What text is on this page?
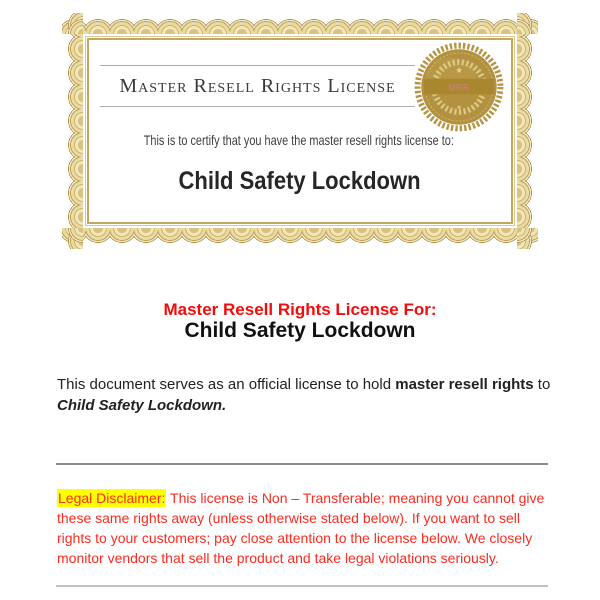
Master Resell Rights License
This is to certify that you have the master resell rights license to:
Child Safety Lockdown
★
MRR
Master Resell Rights License For:
Child Safety Lockdown
This document serves as an official license to hold master resell rights to
Child Safety Lockdown.
Legal Disclaimer: This license is Non – Transferable; meaning you cannot give
these same rights away (unless otherwise stated below). If you want to sell
rights to your customers; pay close attention to the license below. We closely
monitor vendors that sell the product and take legal violations seriously.
